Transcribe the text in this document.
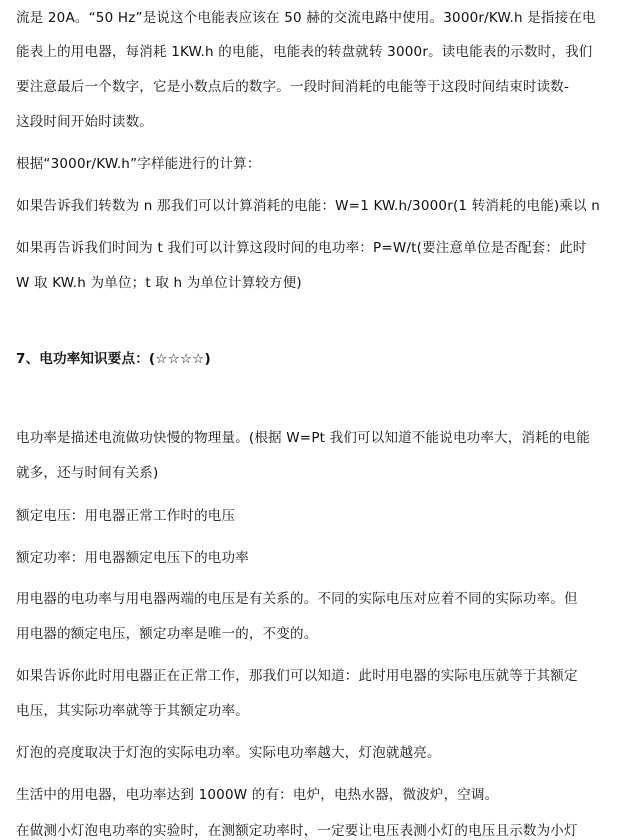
流是 20A。“50 Hz”是说这个电能表应该在 50 赫的交流电路中使用。3000r/KW.h 是指接在电
能表上的用电器，每消耗 1KW.h 的电能，电能表的转盘就转 3000r。读电能表的示数时，我们
要注意最后一个数字，它是小数点后的数字。一段时间消耗的电能等于这段时间结束时读数-
这段时间开始时读数。
根据“3000r/KW.h”字样能进行的计算：
如果告诉我们转数为 n 那我们可以计算消耗的电能：W=1 KW.h/3000r(1 转消耗的电能)乘以 n
如果再告诉我们时间为 t 我们可以计算这段时间的电功率：P=W/t(要注意单位是否配套：此时
W 取 KW.h 为单位；t 取 h 为单位计算较方便)
7、电功率知识要点：(☆☆☆☆)
电功率是描述电流做功快慢的物理量。(根据 W=Pt 我们可以知道不能说电功率大，消耗的电能
就多，还与时间有关系)
额定电压：用电器正常工作时的电压
额定功率：用电器额定电压下的电功率
用电器的电功率与用电器两端的电压是有关系的。不同的实际电压对应着不同的实际功率。但
用电器的额定电压，额定功率是唯一的，不变的。
如果告诉你此时用电器正在正常工作，那我们可以知道：此时用电器的实际电压就等于其额定
电压，其实际功率就等于其额定功率。
灯泡的亮度取决于灯泡的实际电功率。实际电功率越大，灯泡就越亮。
生活中的用电器，电功率达到 1000W 的有：电炉，电热水器，微波炉，空调。
在做测小灯泡电功率的实验时，在测额定功率时，一定要让电压表测小灯的电压且示数为小灯
